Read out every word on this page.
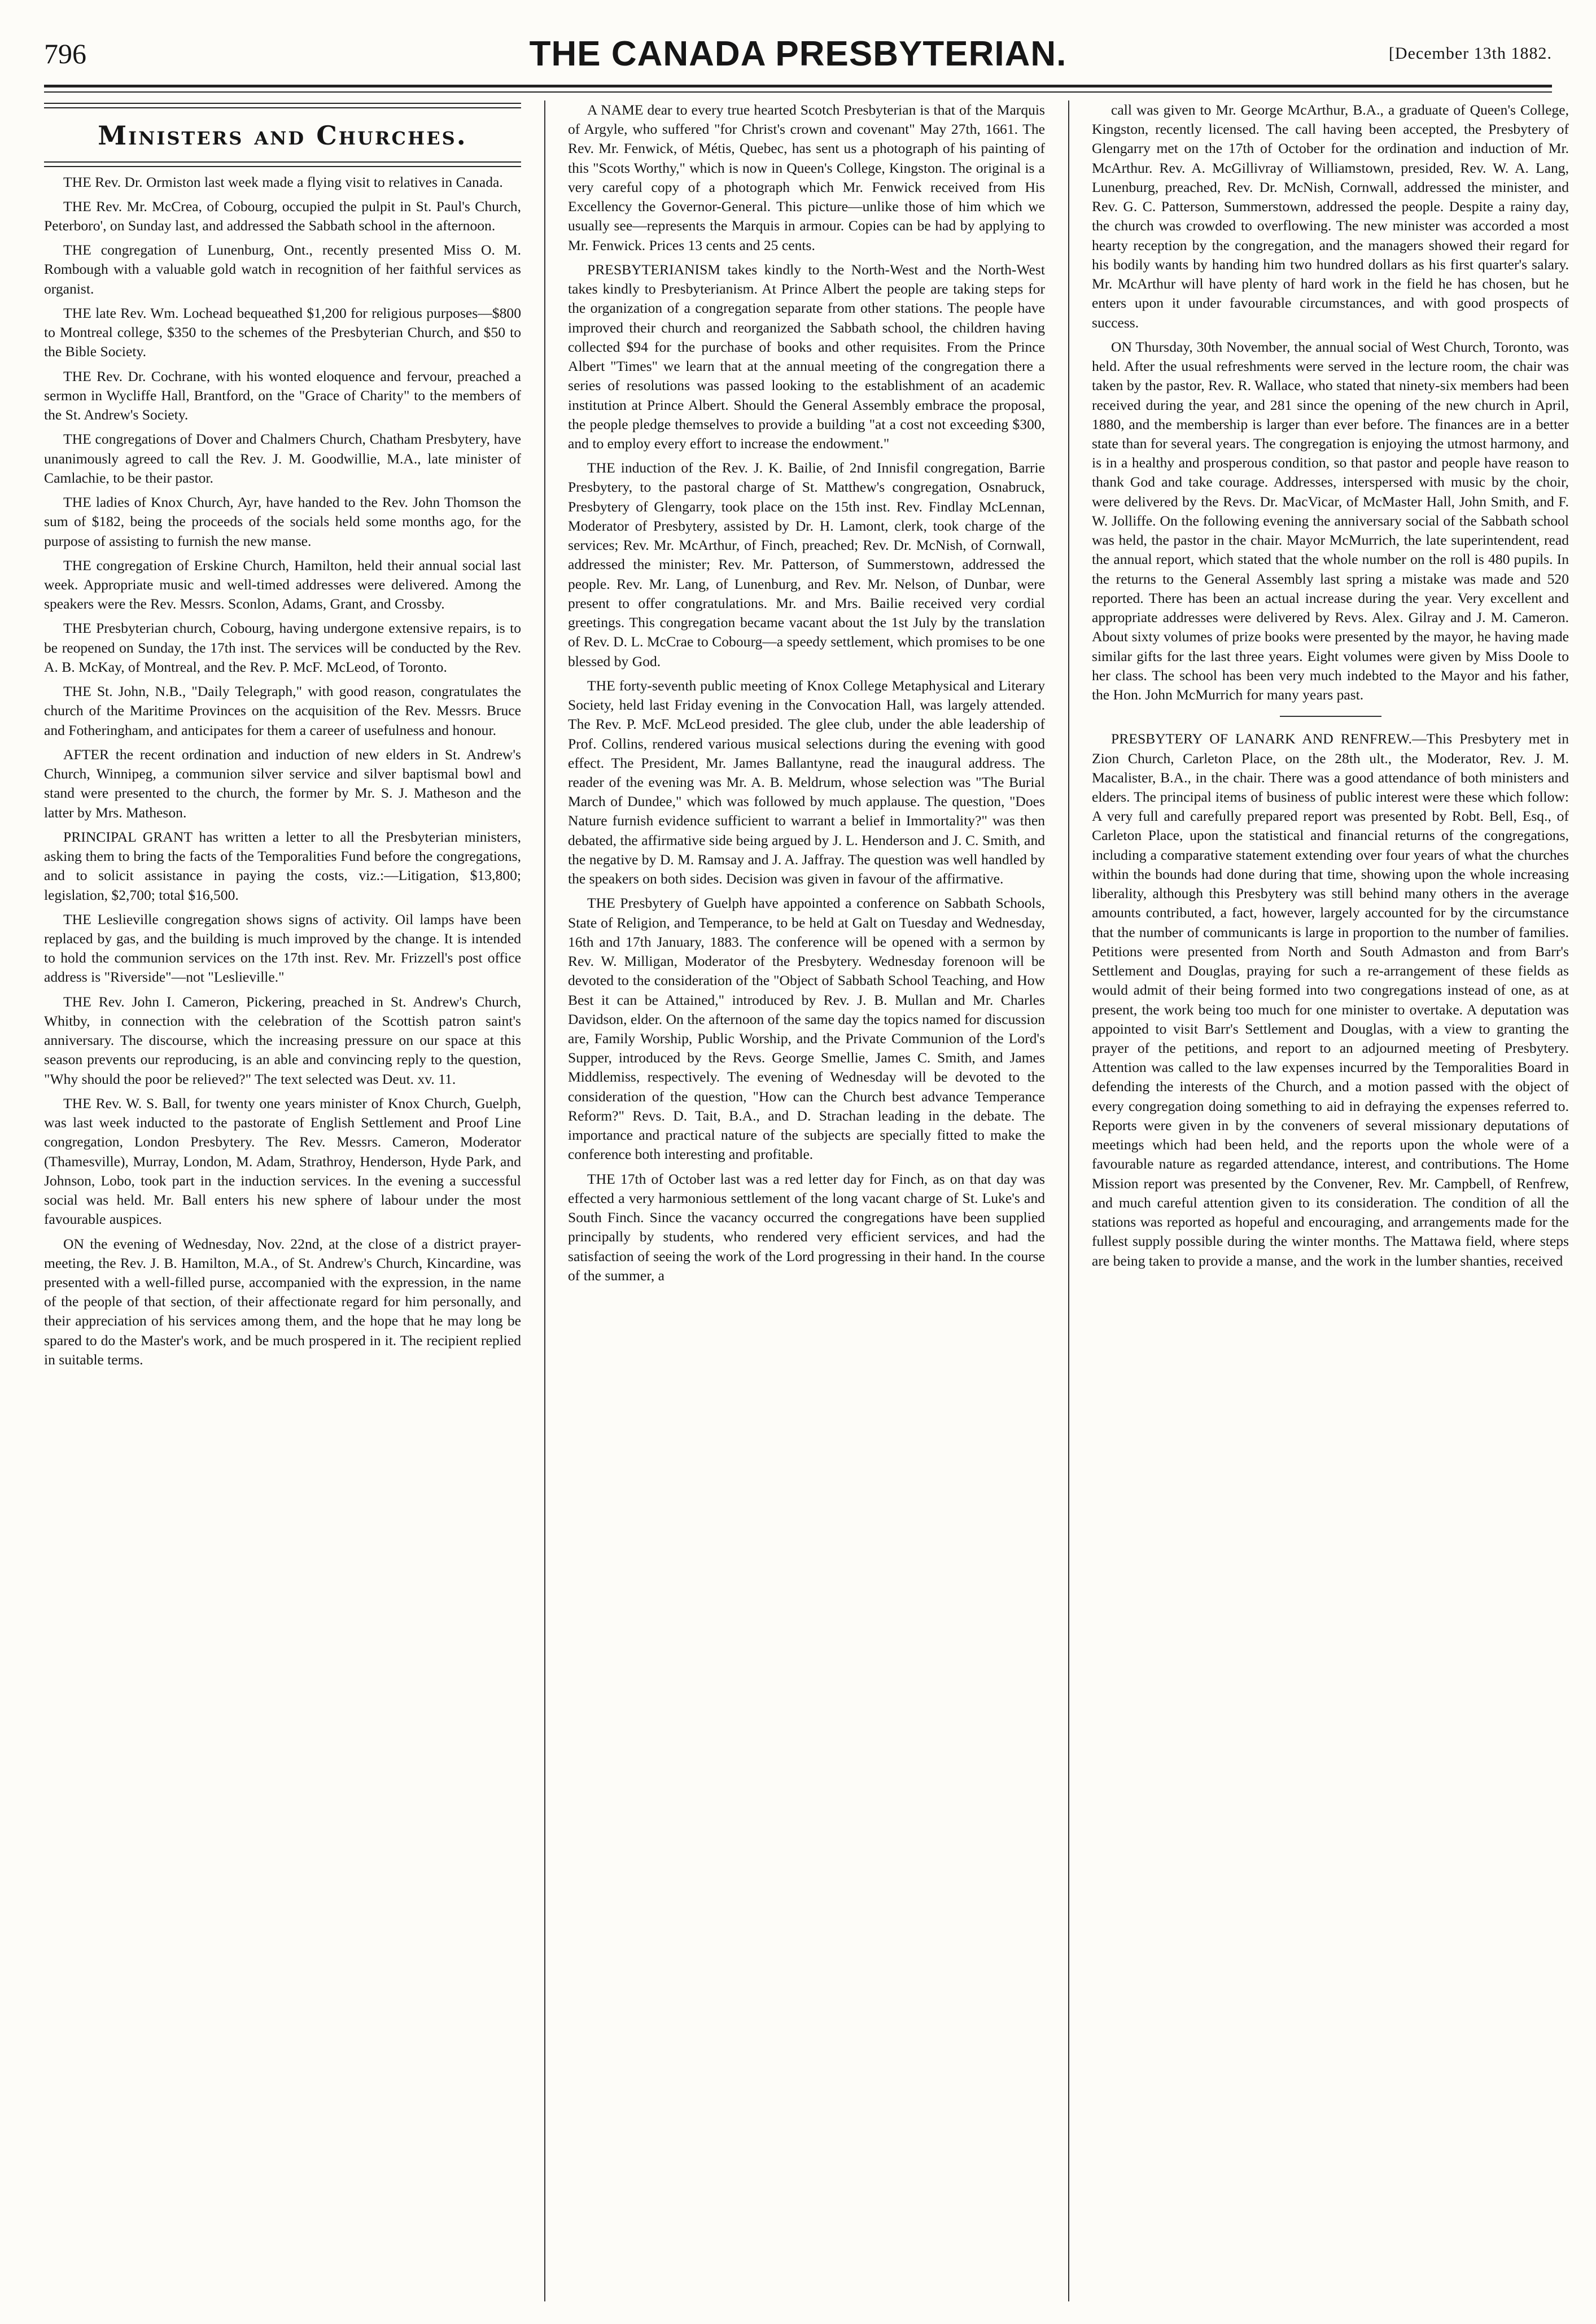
796	THE CANADA PRESBYTERIAN.	[December 13th 1882.
Ministers and Churches.

THE Rev. Dr. Ormiston last week made a flying visit to relatives in Canada.

THE Rev. Mr. McCrea, of Cobourg, occupied the pulpit in St. Paul's Church, Peterboro', on Sunday last, and addressed the Sabbath school in the afternoon.

THE congregation of Lunenburg, Ont., recently presented Miss O. M. Rombough with a valuable gold watch in recognition of her faithful services as organist.

THE late Rev. Wm. Lochead bequeathed $1,200 for religious purposes—$800 to Montreal college, $350 to the schemes of the Presbyterian Church, and $50 to the Bible Society.

THE Rev. Dr. Cochrane, with his wonted eloquence and fervour, preached a sermon in Wycliffe Hall, Brantford, on the "Grace of Charity" to the members of the St. Andrew's Society.

THE congregations of Dover and Chalmers Church, Chatham Presbytery, have unanimously agreed to call the Rev. J. M. Goodwillie, M.A., late minister of Camlachie, to be their pastor.

THE ladies of Knox Church, Ayr, have handed to the Rev. John Thomson the sum of $182, being the proceeds of the socials held some months ago, for the purpose of assisting to furnish the new manse.

THE congregation of Erskine Church, Hamilton, held their annual social last week. Appropriate music and well-timed addresses were delivered. Among the speakers were the Rev. Messrs. Sconlon, Adams, Grant, and Crossby.

THE Presbyterian church, Cobourg, having undergone extensive repairs, is to be reopened on Sunday, the 17th inst. The services will be conducted by the Rev. A. B. McKay, of Montreal, and the Rev. P. McF. McLeod, of Toronto.

THE St. John, N.B., "Daily Telegraph," with good reason, congratulates the church of the Maritime Provinces on the acquisition of the Rev. Messrs. Bruce and Fotheringham, and anticipates for them a career of usefulness and honour.

AFTER the recent ordination and induction of new elders in St. Andrew's Church, Winnipeg, a communion silver service and silver baptismal bowl and stand were presented to the church, the former by Mr. S. J. Matheson and the latter by Mrs. Matheson.

PRINCIPAL GRANT has written a letter to all the Presbyterian ministers, asking them to bring the facts of the Temporalities Fund before the congregations, and to solicit assistance in paying the costs, viz.:—Litigation, $13,800; legislation, $2,700; total $16,500.

THE Leslieville congregation shows signs of activity. Oil lamps have been replaced by gas, and the building is much improved by the change. It is intended to hold the communion services on the 17th inst. Rev. Mr. Frizzell's post office address is "Riverside"—not "Leslieville."

THE Rev. John I. Cameron, Pickering, preached in St. Andrew's Church, Whitby, in connection with the celebration of the Scottish patron saint's anniversary. The discourse, which the increasing pressure on our space at this season prevents our reproducing, is an able and convincing reply to the question, "Why should the poor be relieved?" The text selected was Deut. xv. 11.

THE Rev. W. S. Ball, for twenty one years minister of Knox Church, Guelph, was last week inducted to the pastorate of English Settlement and Proof Line congregation, London Presbytery. The Rev. Messrs. Cameron, Moderator (Thamesville), Murray, London, M. Adam, Strathroy, Henderson, Hyde Park, and Johnson, Lobo, took part in the induction services. In the evening a successful social was held. Mr. Ball enters his new sphere of labour under the most favourable auspices.

ON the evening of Wednesday, Nov. 22nd, at the close of a district prayer-meeting, the Rev. J. B. Hamilton, M.A., of St. Andrew's Church, Kincardine, was presented with a well-filled purse, accompanied with the expression, in the name of the people of that section, of their affectionate regard for him personally, and their appreciation of his services among them, and the hope that he may long be spared to do the Master's work, and be much prospered in it. The recipient replied in suitable terms.

A NAME dear to every true hearted Scotch Presbyterian is that of the Marquis of Argyle, who suffered "for Christ's crown and covenant" May 27th, 1661. The Rev. Mr. Fenwick, of Métis, Quebec, has sent us a photograph of his painting of this "Scots Worthy," which is now in Queen's College, Kingston. The original is a very careful copy of a photograph which Mr. Fenwick received from His Excellency the Governor-General. This picture—unlike those of him which we usually see—represents the Marquis in armour. Copies can be had by applying to Mr. Fenwick. Prices 13 cents and 25 cents.

PRESBYTERIANISM takes kindly to the North-West and the North-West takes kindly to Presbyterianism. At Prince Albert the people are taking steps for the organization of a congregation separate from other stations. The people have improved their church and reorganized the Sabbath school, the children having collected $94 for the purchase of books and other requisites. From the Prince Albert "Times" we learn that at the annual meeting of the congregation there a series of resolutions was passed looking to the establishment of an academic institution at Prince Albert. Should the General Assembly embrace the proposal, the people pledge themselves to provide a building "at a cost not exceeding $300, and to employ every effort to increase the endowment."

THE induction of the Rev. J. K. Bailie, of 2nd Innisfil congregation, Barrie Presbytery, to the pastoral charge of St. Matthew's congregation, Osnabruck, Presbytery of Glengarry, took place on the 15th inst. Rev. Findlay McLennan, Moderator of Presbytery, assisted by Dr. H. Lamont, clerk, took charge of the services; Rev. Mr. McArthur, of Finch, preached; Rev. Dr. McNish, of Cornwall, addressed the minister; Rev. Mr. Patterson, of Summerstown, addressed the people. Rev. Mr. Lang, of Lunenburg, and Rev. Mr. Nelson, of Dunbar, were present to offer congratulations. Mr. and Mrs. Bailie received very cordial greetings. This congregation became vacant about the 1st July by the translation of Rev. D. L. McCrae to Cobourg—a speedy settlement, which promises to be one blessed by God.

THE forty-seventh public meeting of Knox College Metaphysical and Literary Society, held last Friday evening in the Convocation Hall, was largely attended. The Rev. P. McF. McLeod presided. The glee club, under the able leadership of Prof. Collins, rendered various musical selections during the evening with good effect. The President, Mr. James Ballantyne, read the inaugural address. The reader of the evening was Mr. A. B. Meldrum, whose selection was "The Burial March of Dundee," which was followed by much applause. The question, "Does Nature furnish evidence sufficient to warrant a belief in Immortality?" was then debated, the affirmative side being argued by J. L. Henderson and J. C. Smith, and the negative by D. M. Ramsay and J. A. Jaffray. The question was well handled by the speakers on both sides. Decision was given in favour of the affirmative.

THE Presbytery of Guelph have appointed a conference on Sabbath Schools, State of Religion, and Temperance, to be held at Galt on Tuesday and Wednesday, 16th and 17th January, 1883. The conference will be opened with a sermon by Rev. W. Milligan, Moderator of the Presbytery. Wednesday forenoon will be devoted to the consideration of the "Object of Sabbath School Teaching, and How Best it can be Attained," introduced by Rev. J. B. Mullan and Mr. Charles Davidson, elder. On the afternoon of the same day the topics named for discussion are, Family Worship, Public Worship, and the Private Communion of the Lord's Supper, introduced by the Revs. George Smellie, James C. Smith, and James Middlemiss, respectively. The evening of Wednesday will be devoted to the consideration of the question, "How can the Church best advance Temperance Reform?" Revs. D. Tait, B.A., and D. Strachan leading in the debate. The importance and practical nature of the subjects are specially fitted to make the conference both interesting and profitable.

THE 17th of October last was a red letter day for Finch, as on that day was effected a very harmonious settlement of the long vacant charge of St. Luke's and South Finch. Since the vacancy occurred the congregations have been supplied principally by students, who rendered very efficient services, and had the satisfaction of seeing the work of the Lord progressing in their hand. In the course of the summer, a

call was given to Mr. George McArthur, B.A., a graduate of Queen's College, Kingston, recently licensed. The call having been accepted, the Presbytery of Glengarry met on the 17th of October for the ordination and induction of Mr. McArthur. Rev. A. McGillivray of Williamstown, presided, Rev. W. A. Lang, Lunenburg, preached, Rev. Dr. McNish, Cornwall, addressed the minister, and Rev. G. C. Patterson, Summerstown, addressed the people. Despite a rainy day, the church was crowded to overflowing. The new minister was accorded a most hearty reception by the congregation, and the managers showed their regard for his bodily wants by handing him two hundred dollars as his first quarter's salary. Mr. McArthur will have plenty of hard work in the field he has chosen, but he enters upon it under favourable circumstances, and with good prospects of success.

ON Thursday, 30th November, the annual social of West Church, Toronto, was held. After the usual refreshments were served in the lecture room, the chair was taken by the pastor, Rev. R. Wallace, who stated that ninety-six members had been received during the year, and 281 since the opening of the new church in April, 1880, and the membership is larger than ever before. The finances are in a better state than for several years. The congregation is enjoying the utmost harmony, and is in a healthy and prosperous condition, so that pastor and people have reason to thank God and take courage. Addresses, interspersed with music by the choir, were delivered by the Revs. Dr. MacVicar, of McMaster Hall, John Smith, and F. W. Jolliffe. On the following evening the anniversary social of the Sabbath school was held, the pastor in the chair. Mayor McMurrich, the late superintendent, read the annual report, which stated that the whole number on the roll is 480 pupils. In the returns to the General Assembly last spring a mistake was made and 520 reported. There has been an actual increase during the year. Very excellent and appropriate addresses were delivered by Revs. Alex. Gilray and J. M. Cameron. About sixty volumes of prize books were presented by the mayor, he having made similar gifts for the last three years. Eight volumes were given by Miss Doole to her class. The school has been very much indebted to the Mayor and his father, the Hon. John McMurrich for many years past.

PRESBYTERY OF LANARK AND RENFREW.—This Presbytery met in Zion Church, Carleton Place, on the 28th ult., the Moderator, Rev. J. M. Macalister, B.A., in the chair. There was a good attendance of both ministers and elders. The principal items of business of public interest were these which follow: A very full and carefully prepared report was presented by Robt. Bell, Esq., of Carleton Place, upon the statistical and financial returns of the congregations, including a comparative statement extending over four years of what the churches within the bounds had done during that time, showing upon the whole increasing liberality, although this Presbytery was still behind many others in the average amounts contributed, a fact, however, largely accounted for by the circumstance that the number of communicants is large in proportion to the number of families. Petitions were presented from North and South Admaston and from Barr's Settlement and Douglas, praying for such a re-arrangement of these fields as would admit of their being formed into two congregations instead of one, as at present, the work being too much for one minister to overtake. A deputation was appointed to visit Barr's Settlement and Douglas, with a view to granting the prayer of the petitions, and report to an adjourned meeting of Presbytery. Attention was called to the law expenses incurred by the Temporalities Board in defending the interests of the Church, and a motion passed with the object of every congregation doing something to aid in defraying the expenses referred to. Reports were given in by the conveners of several missionary deputations of meetings which had been held, and the reports upon the whole were of a favourable nature as regarded attendance, interest, and contributions. The Home Mission report was presented by the Convener, Rev. Mr. Campbell, of Renfrew, and much careful attention given to its consideration. The condition of all the stations was reported as hopeful and encouraging, and arrangements made for the fullest supply possible during the winter months. The Mattawa field, where steps are being taken to provide a manse, and the work in the lumber shanties, received
